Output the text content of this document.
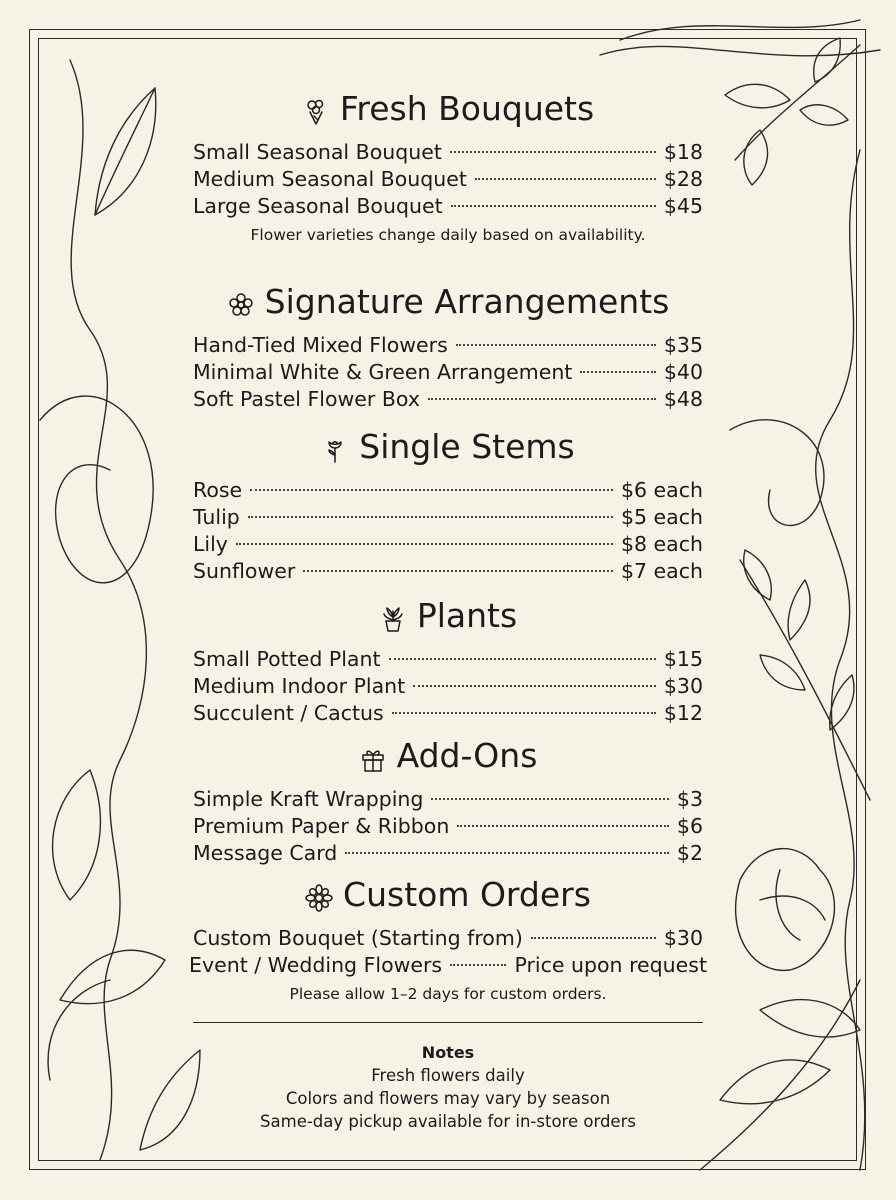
Fresh Bouquets
Small Seasonal Bouquet	$18
Medium Seasonal Bouquet	$28
Large Seasonal Bouquet	$45
Flower varieties change daily based on availability.
Signature Arrangements
Hand-Tied Mixed Flowers	$35
Minimal White & Green Arrangement	$40
Soft Pastel Flower Box	$48
Single Stems
Rose	$6 each
Tulip	$5 each
Lily	$8 each
Sunflower	$7 each
Plants
Small Potted Plant	$15
Medium Indoor Plant	$30
Succulent / Cactus	$12
Add-Ons
Simple Kraft Wrapping	$3
Premium Paper & Ribbon	$6
Message Card	$2
Custom Orders
Custom Bouquet (Starting from)	$30
Event / Wedding Flowers	Price upon request
Please allow 1–2 days for custom orders.
Notes
Fresh flowers daily
Colors and flowers may vary by season
Same-day pickup available for in-store orders
